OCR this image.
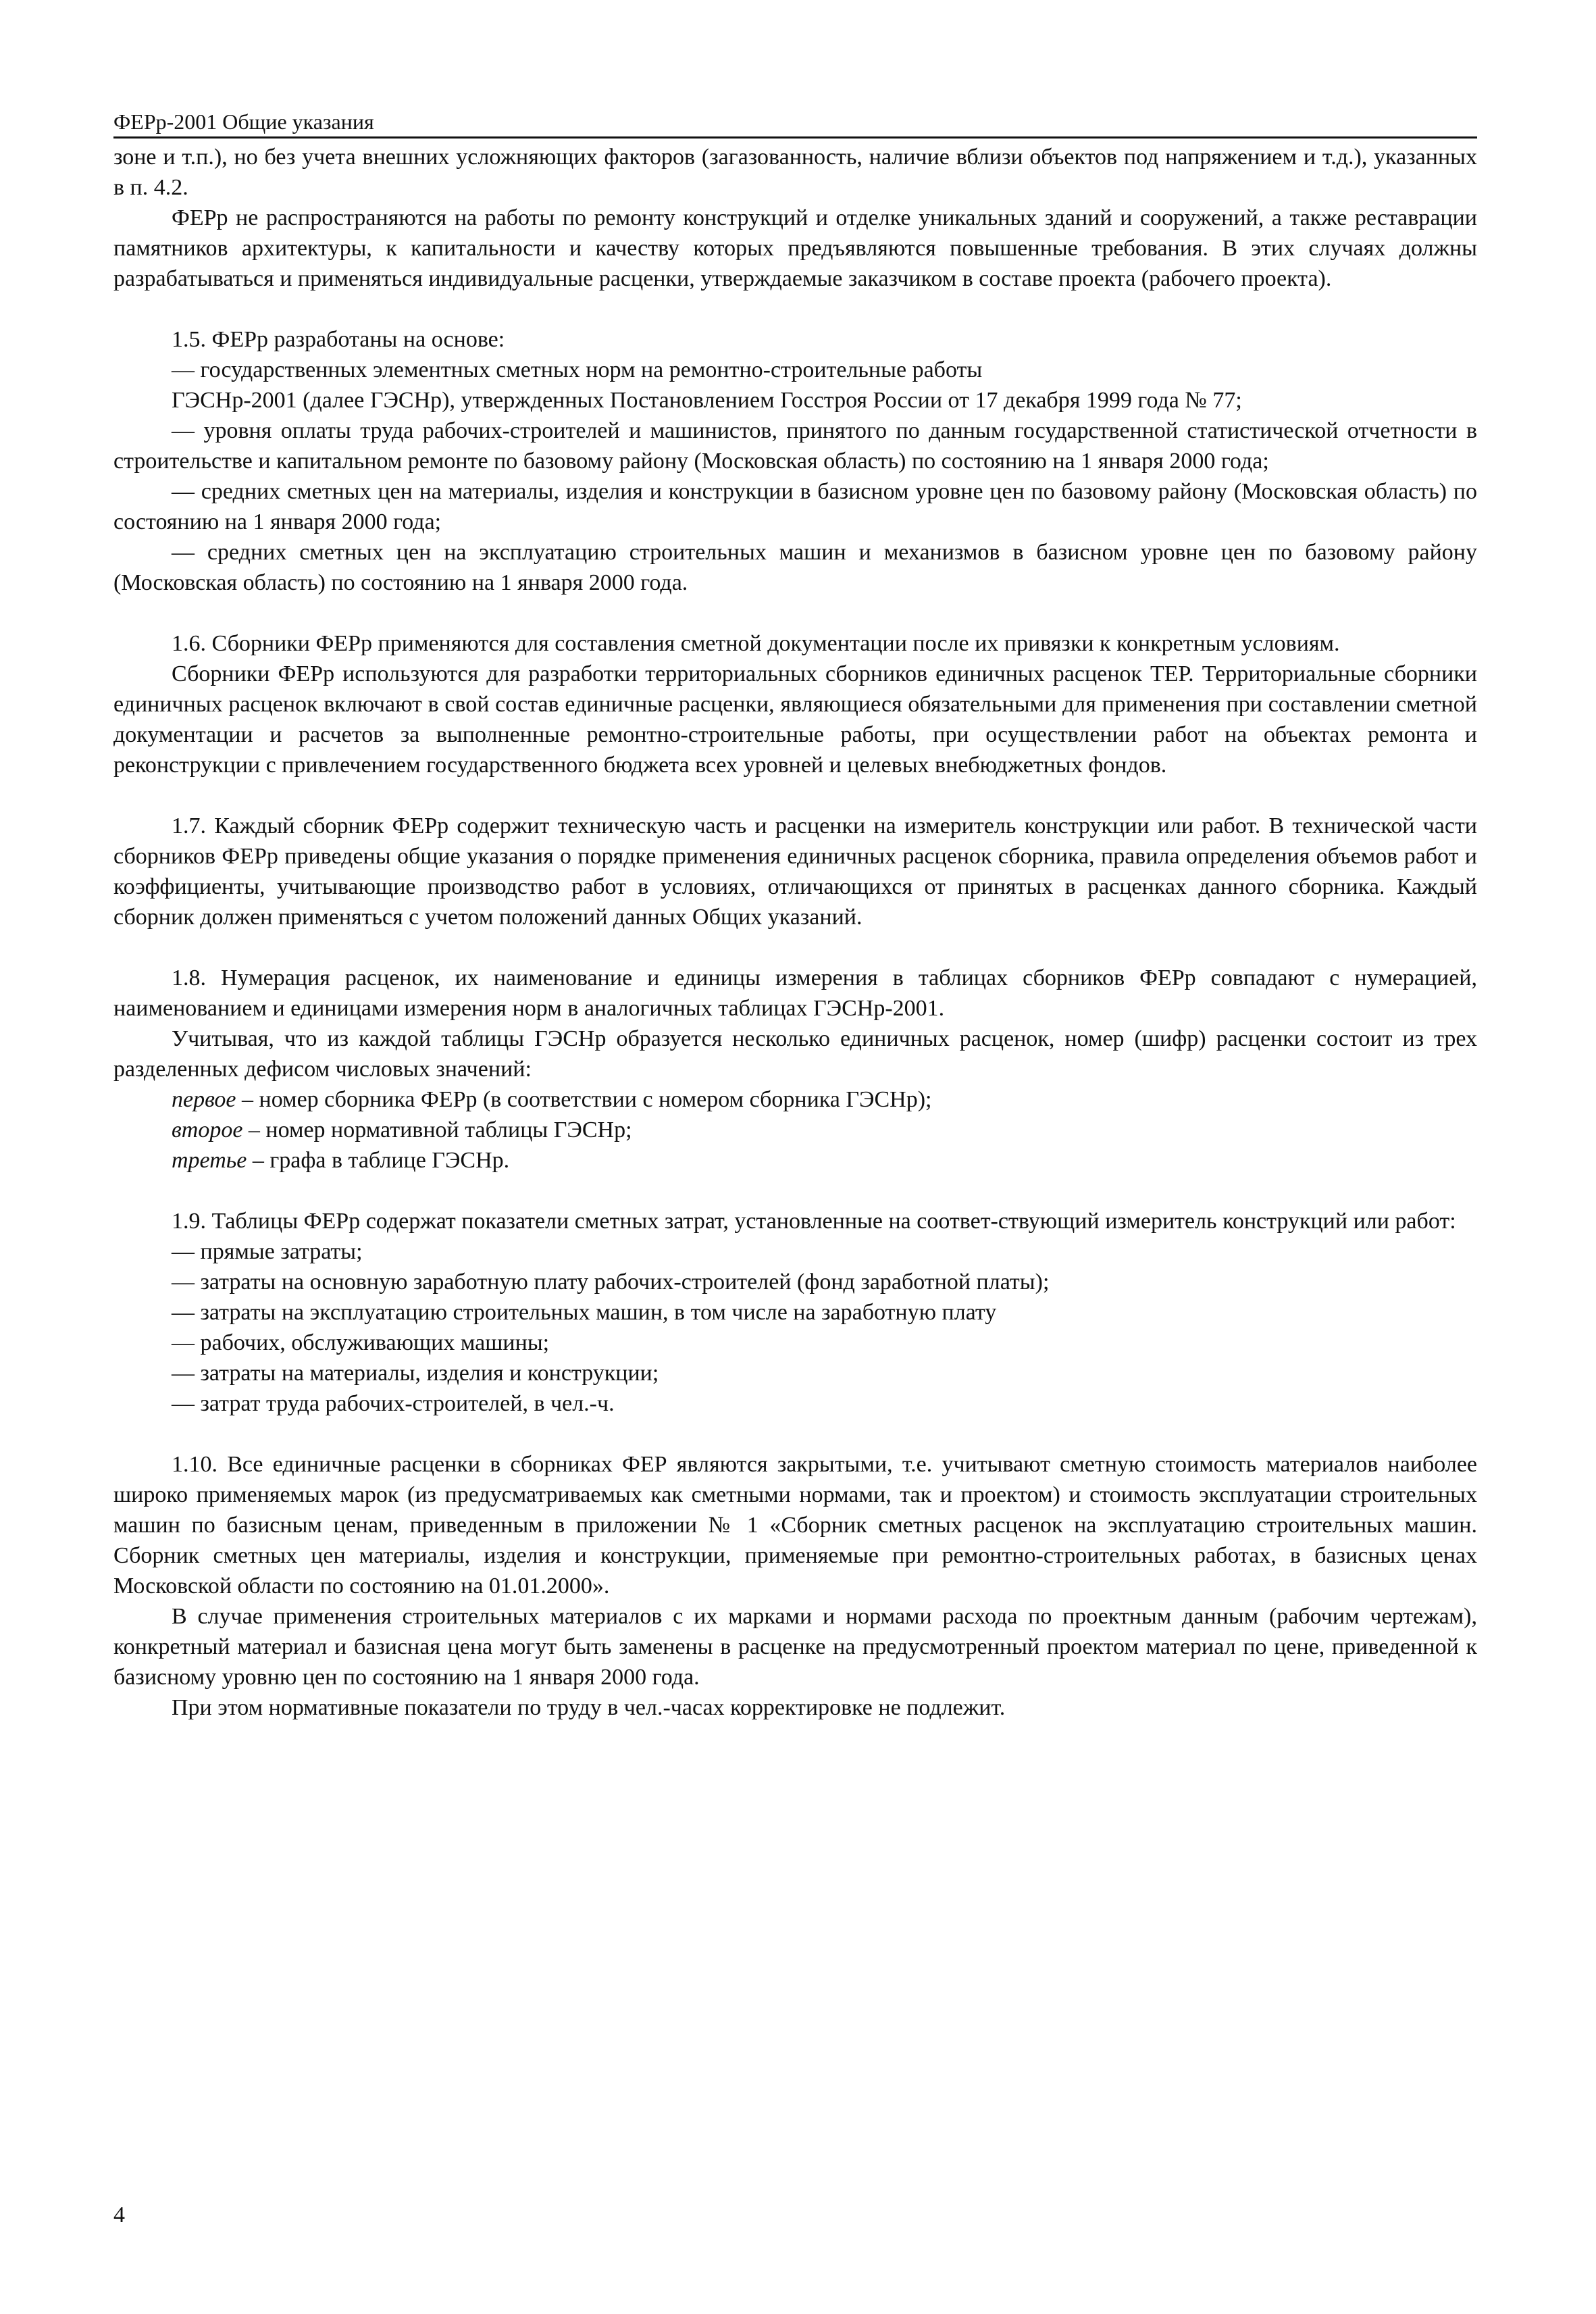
ФЕРр-2001 Общие указания

зоне и т.п.), но без учета внешних усложняющих факторов (загазованность, наличие вблизи объектов под напряжением и т.д.), указанных в п. 4.2.

ФЕРр не распространяются на работы по ремонту конструкций и отделке уникальных зданий и сооружений, а также реставрации памятников архитектуры, к капитальности и качеству которых предъявляются повышенные требования. В этих случаях должны разрабатываться и применяться индивидуальные расценки, утверждаемые заказчиком в составе проекта (рабочего проекта).

1.5. ФЕРр разработаны на основе:

— государственных элементных сметных норм на ремонтно-строительные работы

ГЭСНр-2001 (далее ГЭСНр), утвержденных Постановлением Госстроя России от 17 декабря 1999 года № 77;

— уровня оплаты труда рабочих-строителей и машинистов, принятого по данным государственной статистической отчетности в строительстве и капитальном ремонте по базовому району (Московская область) по состоянию на 1 января 2000 года;

— средних сметных цен на материалы, изделия и конструкции в базисном уровне цен по базовому району (Московская область) по состоянию на 1 января 2000 года;

— средних сметных цен на эксплуатацию строительных машин и механизмов в базисном уровне цен по базовому району (Московская область) по состоянию на 1 января 2000 года.

1.6. Сборники ФЕРр применяются для составления сметной документации после их привязки к конкретным условиям.

Сборники ФЕРр используются для разработки территориальных сборников единичных расценок ТЕР. Территориальные сборники единичных расценок включают в свой состав единичные расценки, являющиеся обязательными для применения при составлении сметной документации и расчетов за выполненные ремонтно-строительные работы, при осуществлении работ на объектах ремонта и реконструкции с привлечением государственного бюджета всех уровней и целевых внебюджетных фондов.

1.7. Каждый сборник ФЕРр содержит техническую часть и расценки на измеритель конструкции или работ. В технической части сборников ФЕРр приведены общие указания о порядке применения единичных расценок сборника, правила определения объемов работ и коэффициенты, учитывающие производство работ в условиях, отличающихся от принятых в расценках данного сборника. Каждый сборник должен применяться с учетом положений данных Общих указаний.

1.8. Нумерация расценок, их наименование и единицы измерения в таблицах сборников ФЕРр совпадают с нумерацией, наименованием и единицами измерения норм в аналогичных таблицах ГЭСНр-2001.

Учитывая, что из каждой таблицы ГЭСНр образуется несколько единичных расценок, номер (шифр) расценки состоит из трех разделенных дефисом числовых значений:

первое – номер сборника ФЕРр (в соответствии с номером сборника ГЭСНр);

второе – номер нормативной таблицы ГЭСНр;

третье – графа в таблице ГЭСНр.

1.9. Таблицы ФЕРр содержат показатели сметных затрат, установленные на соответ-ствующий измеритель конструкций или работ:

— прямые затраты;

— затраты на основную заработную плату рабочих-строителей (фонд заработной платы);

— затраты на эксплуатацию строительных машин, в том числе на заработную плату

— рабочих, обслуживающих машины;

— затраты на материалы, изделия и конструкции;

— затрат труда рабочих-строителей, в чел.-ч.

1.10. Все единичные расценки в сборниках ФЕР являются закрытыми, т.е. учитывают сметную стоимость материалов наиболее широко применяемых марок (из предусматриваемых как сметными нормами, так и проектом) и стоимость эксплуатации строительных машин по базисным ценам, приведенным в приложении № 1 «Сборник сметных расценок на эксплуатацию строительных машин. Сборник сметных цен материалы, изделия и конструкции, применяемые при ремонтно-строительных работах, в базисных ценах Московской области по состоянию на 01.01.2000».

В случае применения строительных материалов с их марками и нормами расхода по проектным данным (рабочим чертежам), конкретный материал и базисная цена могут быть заменены в расценке на предусмотренный проектом материал по цене, приведенной к базисному уровню цен по состоянию на 1 января 2000 года.

При этом нормативные показатели по труду в чел.-часах корректировке не подлежит.

4
